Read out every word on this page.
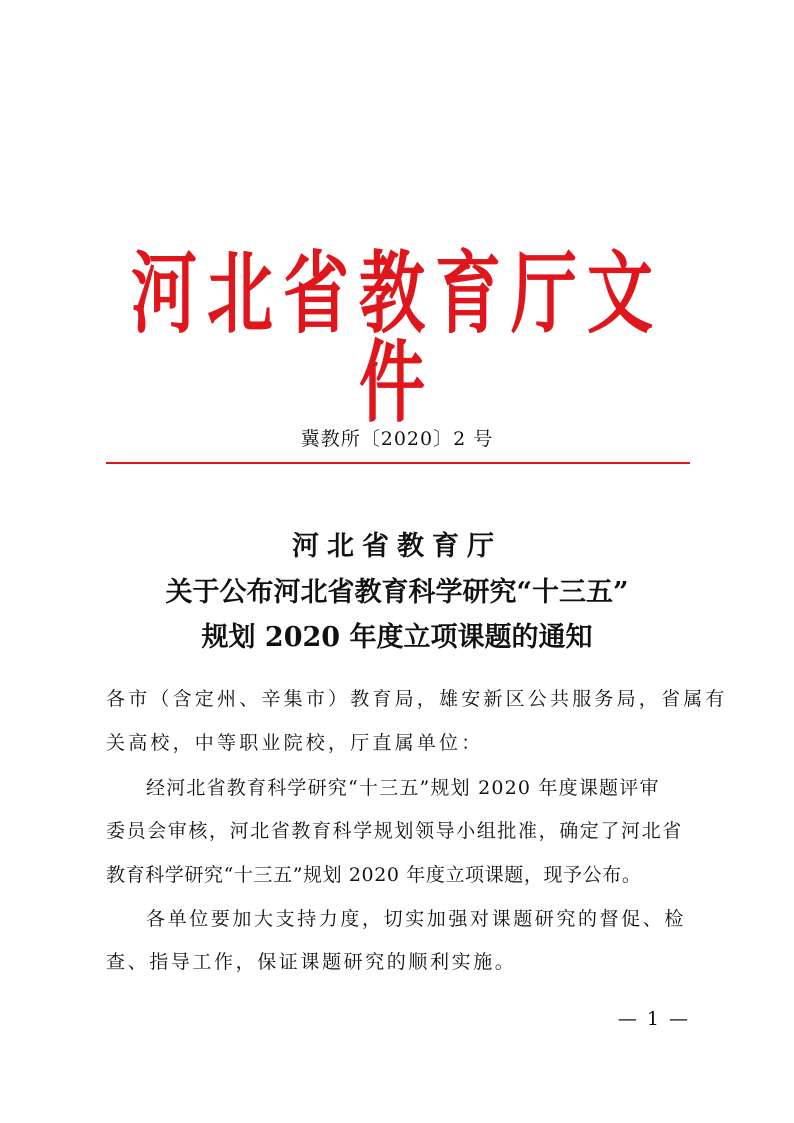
河北省教育厅文件
冀教所〔2020〕2 号
河北省教育厅
关于公布河北省教育科学研究“十三五”
规划 2020 年度立项课题的通知
各市（含定州、辛集市）教育局，雄安新区公共服务局，省属有
关高校，中等职业院校，厅直属单位：
经河北省教育科学研究“十三五”规划 2020 年度课题评审
委员会审核，河北省教育科学规划领导小组批准，确定了河北省
教育科学研究“十三五”规划 2020 年度立项课题，现予公布。
各单位要加大支持力度，切实加强对课题研究的督促、检
查、指导工作，保证课题研究的顺利实施。
— 1 —
